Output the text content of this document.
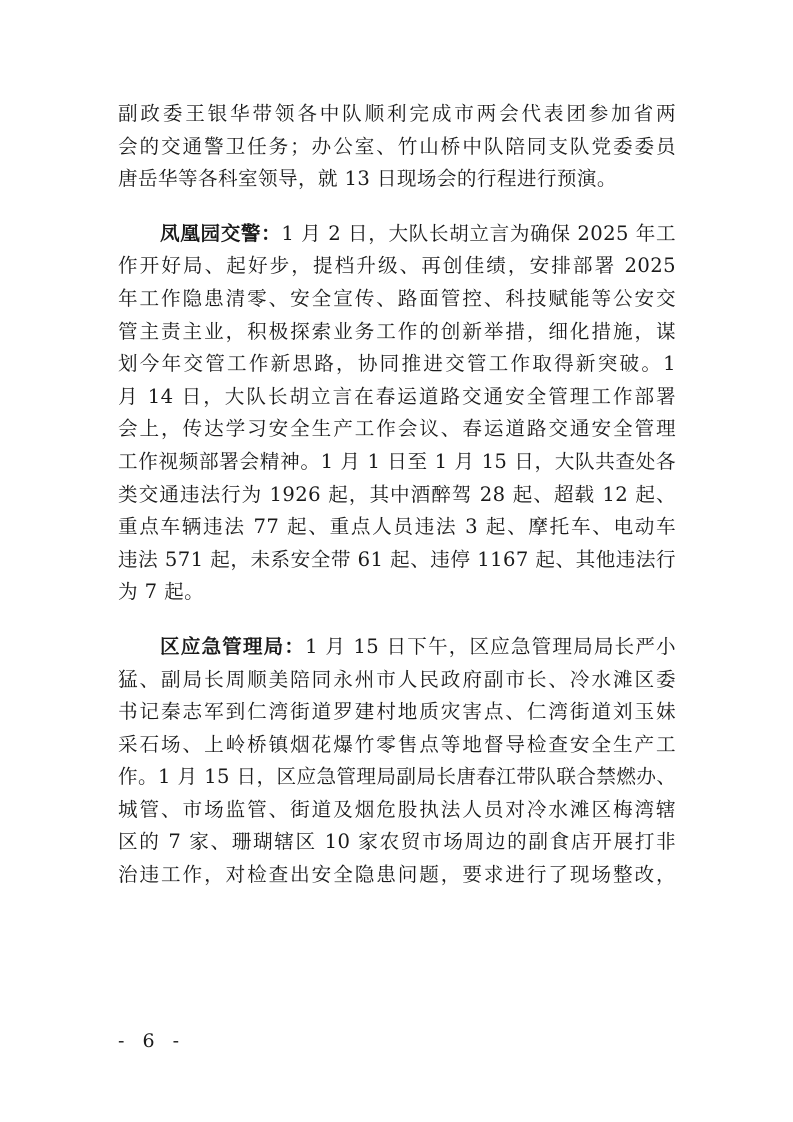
副政委王银华带领各中队顺利完成市两会代表团参加省两
会的交通警卫任务；办公室、竹山桥中队陪同支队党委委员
唐岳华等各科室领导，就 13 日现场会的行程进行预演。
凤凰园交警：1 月 2 日，大队长胡立言为确保 2025 年工
作开好局、起好步，提档升级、再创佳绩，安排部署 2025
年工作隐患清零、安全宣传、路面管控、科技赋能等公安交
管主责主业，积极探索业务工作的创新举措，细化措施，谋
划今年交管工作新思路，协同推进交管工作取得新突破。1
月 14 日，大队长胡立言在春运道路交通安全管理工作部署
会上，传达学习安全生产工作会议、春运道路交通安全管理
工作视频部署会精神。1 月 1 日至 1 月 15 日，大队共查处各
类交通违法行为 1926 起，其中酒醉驾 28 起、超载 12 起、
重点车辆违法 77 起、重点人员违法 3 起、摩托车、电动车
违法 571 起，未系安全带 61 起、违停 1167 起、其他违法行
为 7 起。
区应急管理局：1 月 15 日下午，区应急管理局局长严小
猛、副局长周顺美陪同永州市人民政府副市长、冷水滩区委
书记秦志军到仁湾街道罗建村地质灾害点、仁湾街道刘玉妹
采石场、上岭桥镇烟花爆竹零售点等地督导检查安全生产工
作。1 月 15 日，区应急管理局副局长唐春江带队联合禁燃办、
城管、市场监管、街道及烟危股执法人员对冷水滩区梅湾辖
区的 7 家、珊瑚辖区 10 家农贸市场周边的副食店开展打非
治违工作，对检查出安全隐患问题，要求进行了现场整改，
- 6 -
